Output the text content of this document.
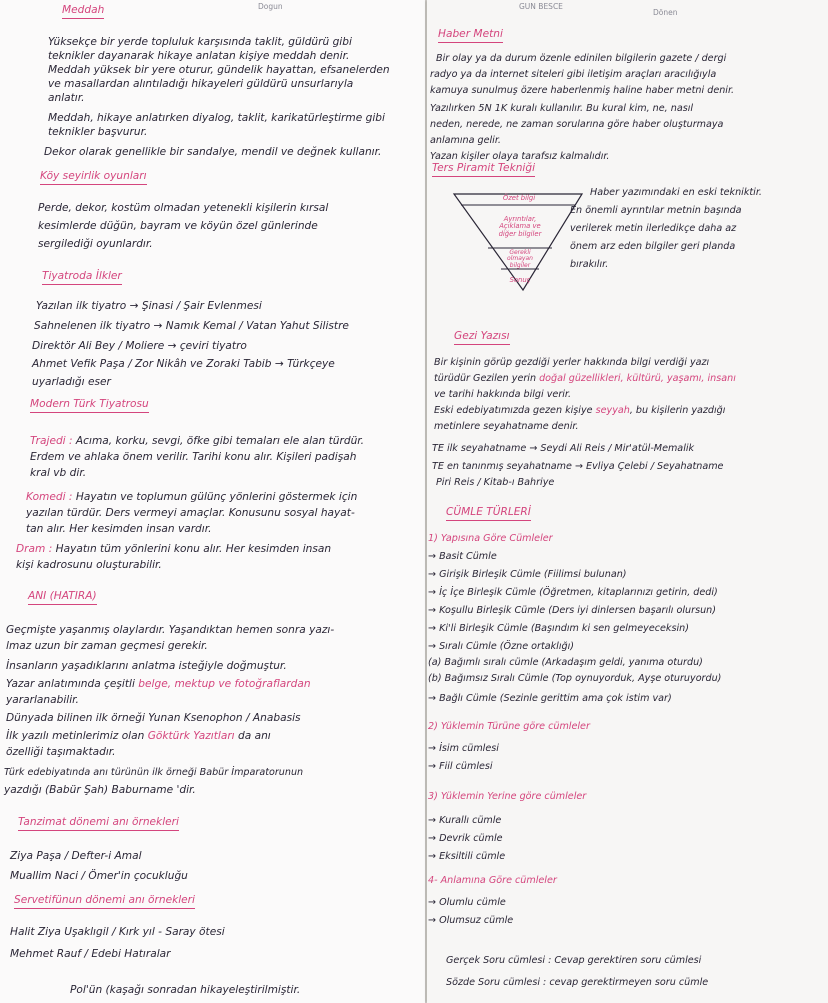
Dogun
Meddah
Yüksekçe bir yerde topluluk karşısında taklit, güldürü gibi
teknikler dayanarak hikaye anlatan kişiye meddah denir.
Meddah yüksek bir yere oturur, gündelik hayattan, efsanelerden
ve masallardan alıntıladığı hikayeleri güldürü unsurlarıyla
anlatır.
Meddah, hikaye anlatırken diyalog, taklit, karikatürleştirme gibi
teknikler başvurur.
Dekor olarak genellikle bir sandalye, mendil ve değnek kullanır.
Köy seyirlik oyunları
Perde, dekor, kostüm olmadan yetenekli kişilerin kırsal
kesimlerde düğün, bayram ve köyün özel günlerinde
sergilediği oyunlardır.
Tiyatroda İlkler
Yazılan ilk tiyatro → Şinasi / Şair Evlenmesi
Sahnelenen ilk tiyatro → Namık Kemal / Vatan Yahut Silistre
Direktör Ali Bey / Moliere → çeviri tiyatro
Ahmet Vefik Paşa / Zor Nikâh ve Zoraki Tabib → Türkçeye
uyarladığı eser
Modern Türk Tiyatrosu
Trajedi : Acıma, korku, sevgi, öfke gibi temaları ele alan türdür.
Erdem ve ahlaka önem verilir. Tarihi konu alır. Kişileri padişah
kral vb dir.
Komedi : Hayatın ve toplumun gülünç yönlerini göstermek için
yazılan türdür. Ders vermeyi amaçlar. Konusunu sosyal hayat-
tan alır. Her kesimden insan vardır.
Dram : Hayatın tüm yönlerini konu alır. Her kesimden insan
kişi kadrosunu oluşturabilir.
ANI (HATIRA)
Geçmişte yaşanmış olaylardır. Yaşandıktan hemen sonra yazı-
lmaz uzun bir zaman geçmesi gerekir.
İnsanların yaşadıklarını anlatma isteğiyle doğmuştur.
Yazar anlatımında çeşitli belge, mektup ve fotoğraflardan
yararlanabilir.
Dünyada bilinen ilk örneği Yunan Ksenophon / Anabasis
İlk yazılı metinlerimiz olan Göktürk Yazıtları da anı
özelliği taşımaktadır.
Türk edebiyatında anı türünün ilk örneği Babür İmparatorunun
yazdığı (Babür Şah) Baburname 'dir.
Tanzimat dönemi anı örnekleri
Ziya Paşa / Defter-i Amal
Muallim Naci / Ömer'in çocukluğu
Servetifünun dönemi anı örnekleri
Halit Ziya Uşaklıgil / Kırk yıl - Saray ötesi
Mehmet Rauf / Edebi Hatıralar
Pol'ün (kaşağı sonradan hikayeleştirilmiştir.
GUN BESCE
Dönen
Haber Metni
Bir olay ya da durum özenle edinilen bilgilerin gazete / dergi
radyo ya da internet siteleri gibi iletişim araçları aracılığıyla
kamuya sunulmuş özere haberlenmiş haline haber metni denir.
Yazılırken 5N 1K kuralı kullanılır. Bu kural kim, ne, nasıl
neden, nerede, ne zaman sorularına göre haber oluşturmaya
anlamına gelir.
Yazan kişiler olaya tarafsız kalmalıdır.
Ters Piramit Tekniği
Özet bilgi
Ayrıntılar, Açıklama ve diğer bilgiler
Gerekli olmayan bilgiler
Sonuç
Haber yazımındaki en eski tekniktir.
En önemli ayrıntılar metnin başında
verilerek metin ilerledikçe daha az
önem arz eden bilgiler geri planda
bırakılır.
Gezi Yazısı
Bir kişinin görüp gezdiği yerler hakkında bilgi verdiği yazı
türüdür Gezilen yerin doğal güzellikleri, kültürü, yaşamı, insanı
ve tarihi hakkında bilgi verir.
Eski edebiyatımızda gezen kişiye seyyah, bu kişilerin yazdığı
metinlere seyahatname denir.
TE ilk seyahatname → Seydi Ali Reis / Mir'atül-Memalik
TE en tanınmış seyahatname → Evliya Çelebi / Seyahatname
Piri Reis / Kitab-ı Bahriye
CÜMLE TÜRLERİ
1) Yapısına Göre Cümleler
→ Basit Cümle
→ Girişik Birleşik Cümle (Fiilimsi bulunan)
→ İç İçe Birleşik Cümle (Öğretmen, kitaplarınızı getirin, dedi)
→ Koşullu Birleşik Cümle (Ders iyi dinlersen başarılı olursun)
→ Ki'li Birleşik Cümle (Başındım ki sen gelmeyeceksin)
→ Sıralı Cümle (Özne ortaklığı)
(a) Bağımlı sıralı cümle (Arkadaşım geldi, yanıma oturdu)
(b) Bağımsız Sıralı Cümle (Top oynuyorduk, Ayşe oturuyordu)
→ Bağlı Cümle (Sezinle gerittim ama çok istim var)
2) Yüklemin Türüne göre cümleler
→ İsim cümlesi
→ Fiil cümlesi
3) Yüklemin Yerine göre cümleler
→ Kurallı cümle
→ Devrik cümle
→ Eksiltili cümle
4- Anlamına Göre cümleler
→ Olumlu cümle
→ Olumsuz cümle
Gerçek Soru cümlesi : Cevap gerektiren soru cümlesi
Sözde Soru cümlesi : cevap gerektirmeyen soru cümle
